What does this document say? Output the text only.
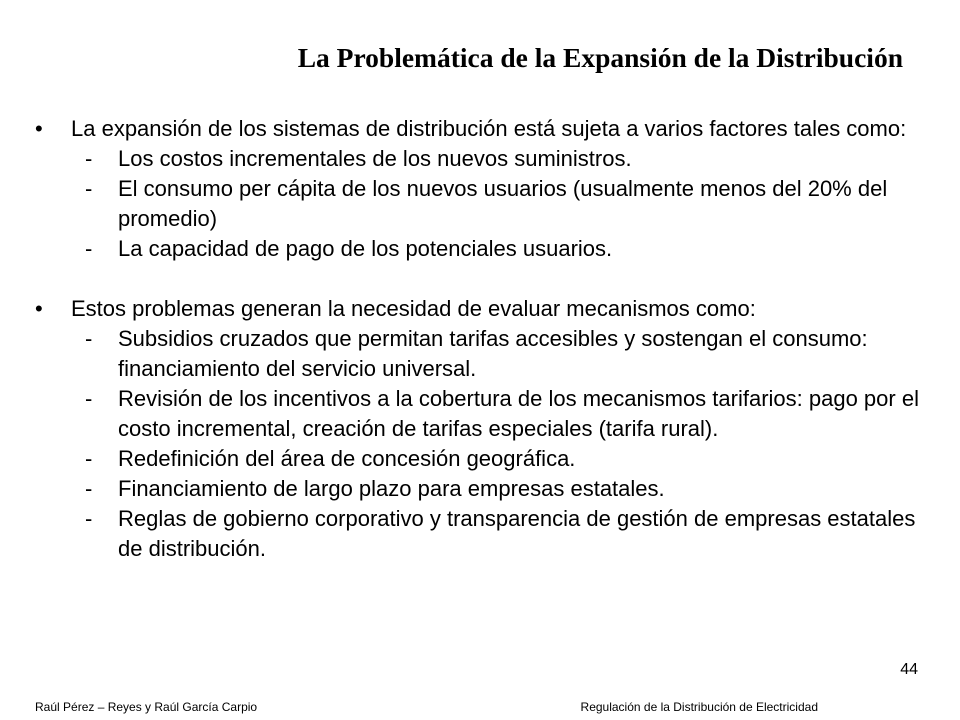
La Problemática de la Expansión de la Distribución
•	La expansión de los sistemas de distribución está sujeta a varios factores tales como:
- Los costos incrementales de los nuevos suministros.
- El consumo per cápita de los nuevos usuarios (usualmente menos del 20% del promedio)
- La capacidad de pago de los potenciales usuarios.
•	Estos problemas generan la necesidad de evaluar mecanismos como:
- Subsidios cruzados que permitan tarifas accesibles y sostengan el consumo: financiamiento del servicio universal.
- Revisión de los incentivos a la cobertura de los mecanismos tarifarios: pago por el costo incremental, creación de tarifas especiales (tarifa rural).
- Redefinición del área de concesión geográfica.
- Financiamiento de largo plazo para empresas estatales.
- Reglas de gobierno corporativo y transparencia de gestión de empresas estatales de distribución.
44
Raúl Pérez – Reyes y Raúl García Carpio	Regulación de la Distribución de Electricidad
